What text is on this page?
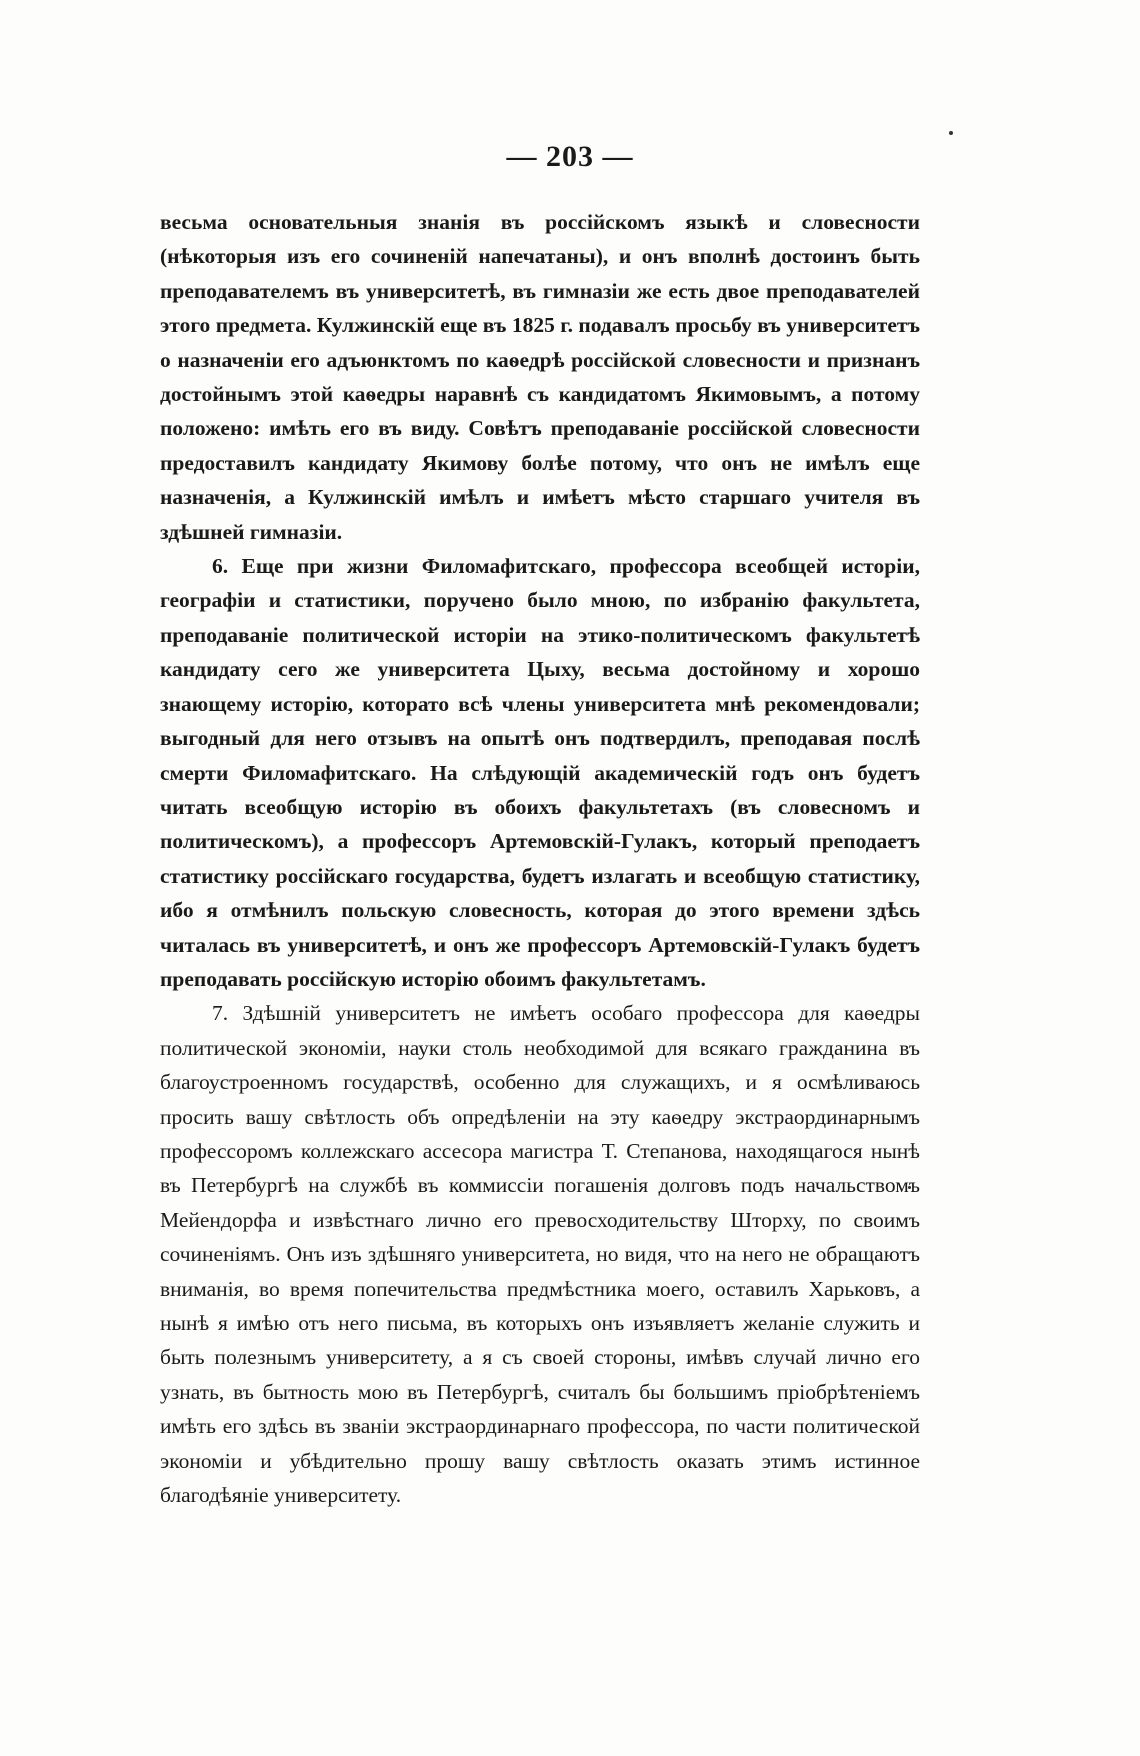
— 203 —

весьма основательныя знанія въ россійскомъ языкѣ и словесности (нѣкоторыя изъ его сочиненій напечатаны), и онъ вполнѣ достоинъ быть преподавателемъ въ университетѣ, въ гимназіи же есть двое преподавателей этого предмета. Кулжинскій еще въ 1825 г. подавалъ просьбу въ университетъ о назначеніи его адъюнктомъ по каѳедрѣ россійской словесности и признанъ достойнымъ этой каѳедры наравнѣ съ кандидатомъ Якимовымъ, а потому положено: имѣть его въ виду. Совѣтъ преподаваніе россійской словесности предоставилъ кандидату Якимову болѣе потому, что онъ не имѣлъ еще назначенія, а Кулжинскій имѣлъ и имѣетъ мѣсто старшаго учителя въ здѣшней гимназіи.

6. Еще при жизни Филомафитскаго, профессора всеобщей исторіи, географіи и статистики, поручено было мною, по избранію факультета, преподаваніе политической исторіи на этико-политическомъ факультетѣ кандидату сего же университета Цыху, весьма достойному и хорошо знающему исторію, которато всѣ члены университета мнѣ рекомендовали; выгодный для него отзывъ на опытѣ онъ подтвердилъ, преподавая послѣ смерти Филомафитскаго. На слѣдующій академическій годъ онъ будетъ читать всеобщую исторію въ обоихъ факультетахъ (въ словесномъ и политическомъ), а профессоръ Артемовскій-Гулакъ, который преподаетъ статистику россійскаго государства, будетъ излагать и всеобщую статистику, ибо я отмѣнилъ польскую словесность, которая до этого времени здѣсь читалась въ университетѣ, и онъ же профессоръ Артемовскій-Гулакъ будетъ преподавать россійскую исторію обоимъ факультетамъ.

7. Здѣшній университетъ не имѣетъ особаго профессора для каѳедры политической экономіи, науки столь необходимой для всякаго гражданина въ благоустроенномъ государствѣ, особенно для служащихъ, и я осмѣливаюсь просить вашу свѣтлость объ опредѣленіи на эту каѳедру экстраординарнымъ профессоромъ коллежскаго ассесора магистра Т. Степанова, находящагося нынѣ въ Петербургѣ на службѣ въ коммиссіи погашенія долговъ подъ начальствомъ Мейендорфа и извѣстнаго лично его превосходительству Шторху, по своимъ сочиненіямъ. Онъ изъ здѣшняго университета, но видя, что на него не обращаютъ вниманія, во время попечительства предмѣстника моего, оставилъ Харьковъ, а нынѣ я имѣю отъ него письма, въ которыхъ онъ изъявляетъ желаніе служить и быть полезнымъ университету, а я съ своей стороны, имѣвъ случай лично его узнать, въ бытность мою въ Петербургѣ, считалъ бы большимъ пріобрѣтеніемъ имѣть его здѣсь въ званіи экстраординарнаго профессора, по части политической экономіи и убѣдительно прошу вашу свѣтлость оказать этимъ истинное благодѣяніе университету.
